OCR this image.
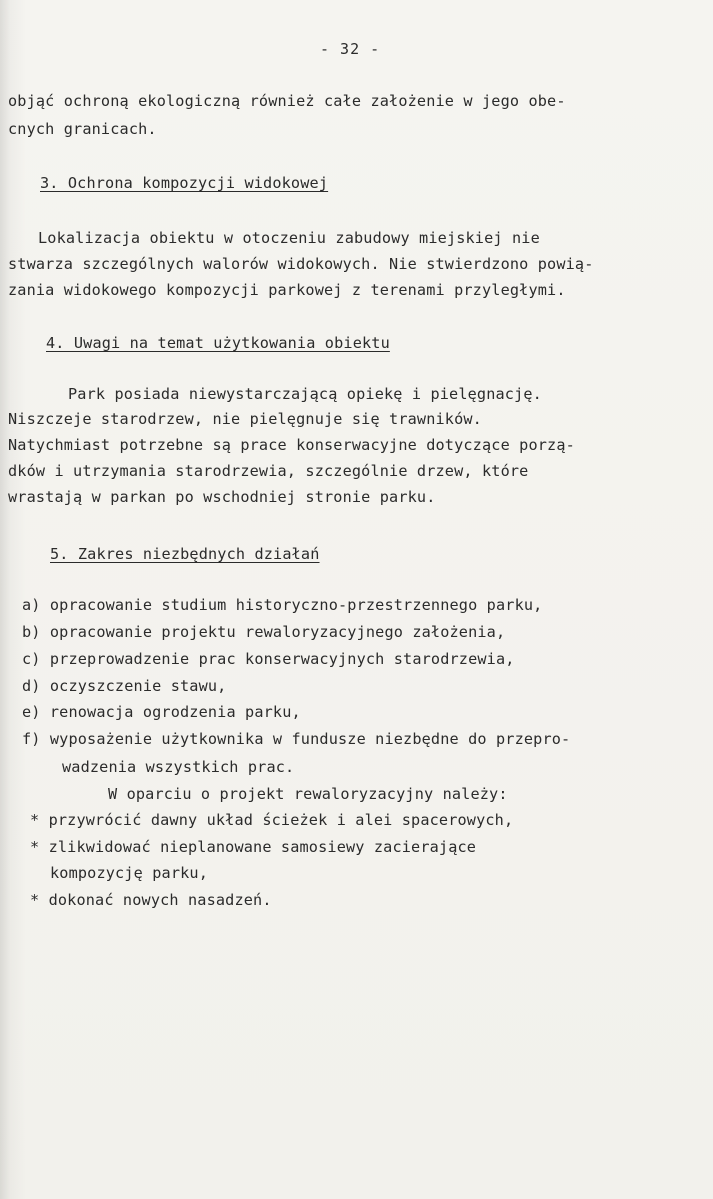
- 32 -
objąć ochroną ekologiczną również całe założenie w jego obe-
cnych granicach.
3. Ochrona kompozycji widokowej
Lokalizacja obiektu w otoczeniu zabudowy miejskiej nie
stwarza szczególnych walorów widokowych. Nie stwierdzono powią-
zania widokowego kompozycji parkowej z terenami przyległymi.
4. Uwagi na temat użytkowania obiektu
Park posiada niewystarczającą opiekę i pielęgnację.
Niszczeje starodrzew, nie pielęgnuje się trawników.
Natychmiast potrzebne są prace konserwacyjne dotyczące porzą-
dków i utrzymania starodrzewia, szczególnie drzew, które
wrastają w parkan po wschodniej stronie parku.
5. Zakres niezbędnych działań
a) opracowanie studium historyczno-przestrzennego parku,
b) opracowanie projektu rewaloryzacyjnego założenia,
c) przeprowadzenie prac konserwacyjnych starodrzewia,
d) oczyszczenie stawu,
e) renowacja ogrodzenia parku,
f) wyposażenie użytkownika w fundusze niezbędne do przepro-
wadzenia wszystkich prac.
W oparciu o projekt rewaloryzacyjny należy:
* przywrócić dawny układ ścieżek i alei spacerowych,
* zlikwidować nieplanowane samosiewy zacierające
kompozycję parku,
* dokonać nowych nasadzeń.
